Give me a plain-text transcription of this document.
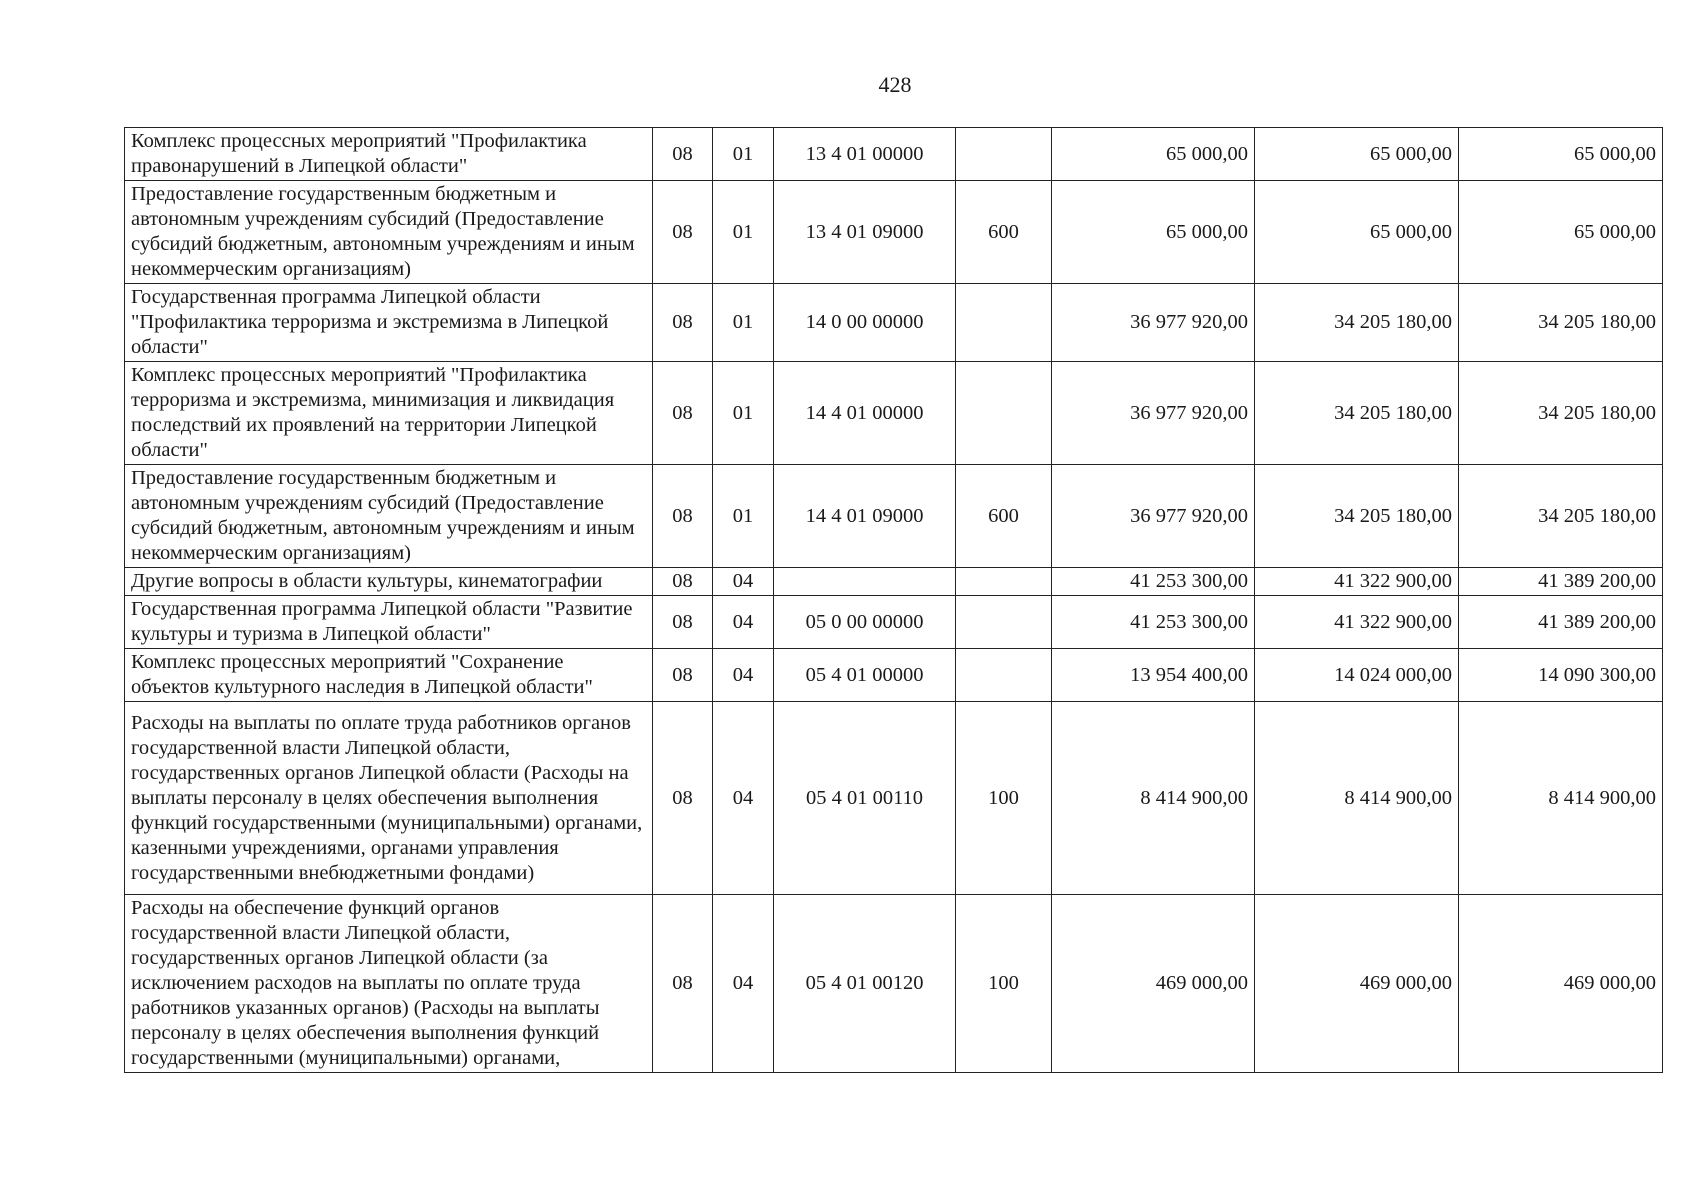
428
Комплекс процессных мероприятий "Профилактика правонарушений в Липецкой области"	08	01	13 4 01 00000		65 000,00	65 000,00	65 000,00
Предоставление государственным бюджетным и автономным учреждениям субсидий (Предоставление субсидий бюджетным, автономным учреждениям и иным некоммерческим организациям)	08	01	13 4 01 09000	600	65 000,00	65 000,00	65 000,00
Государственная программа Липецкой области "Профилактика терроризма и экстремизма в Липецкой области"	08	01	14 0 00 00000		36 977 920,00	34 205 180,00	34 205 180,00
Комплекс процессных мероприятий "Профилактика терроризма и экстремизма, минимизация и ликвидация последствий их проявлений на территории Липецкой области"	08	01	14 4 01 00000		36 977 920,00	34 205 180,00	34 205 180,00
Предоставление государственным бюджетным и автономным учреждениям субсидий (Предоставление субсидий бюджетным, автономным учреждениям и иным некоммерческим организациям)	08	01	14 4 01 09000	600	36 977 920,00	34 205 180,00	34 205 180,00
Другие вопросы в области культуры, кинематографии	08	04			41 253 300,00	41 322 900,00	41 389 200,00
Государственная программа Липецкой области "Развитие культуры и туризма в Липецкой области"	08	04	05 0 00 00000		41 253 300,00	41 322 900,00	41 389 200,00
Комплекс процессных мероприятий "Сохранение объектов культурного наследия в Липецкой области"	08	04	05 4 01 00000		13 954 400,00	14 024 000,00	14 090 300,00
Расходы на выплаты по оплате труда работников органов государственной власти Липецкой области, государственных органов Липецкой области (Расходы на выплаты персоналу в целях обеспечения выполнения функций государственными (муниципальными) органами, казенными учреждениями, органами управления государственными внебюджетными фондами)	08	04	05 4 01 00110	100	8 414 900,00	8 414 900,00	8 414 900,00
Расходы на обеспечение функций органов государственной власти Липецкой области, государственных органов Липецкой области (за исключением расходов на выплаты по оплате труда работников указанных органов) (Расходы на выплаты персоналу в целях обеспечения выполнения функций государственными (муниципальными) органами,	08	04	05 4 01 00120	100	469 000,00	469 000,00	469 000,00
